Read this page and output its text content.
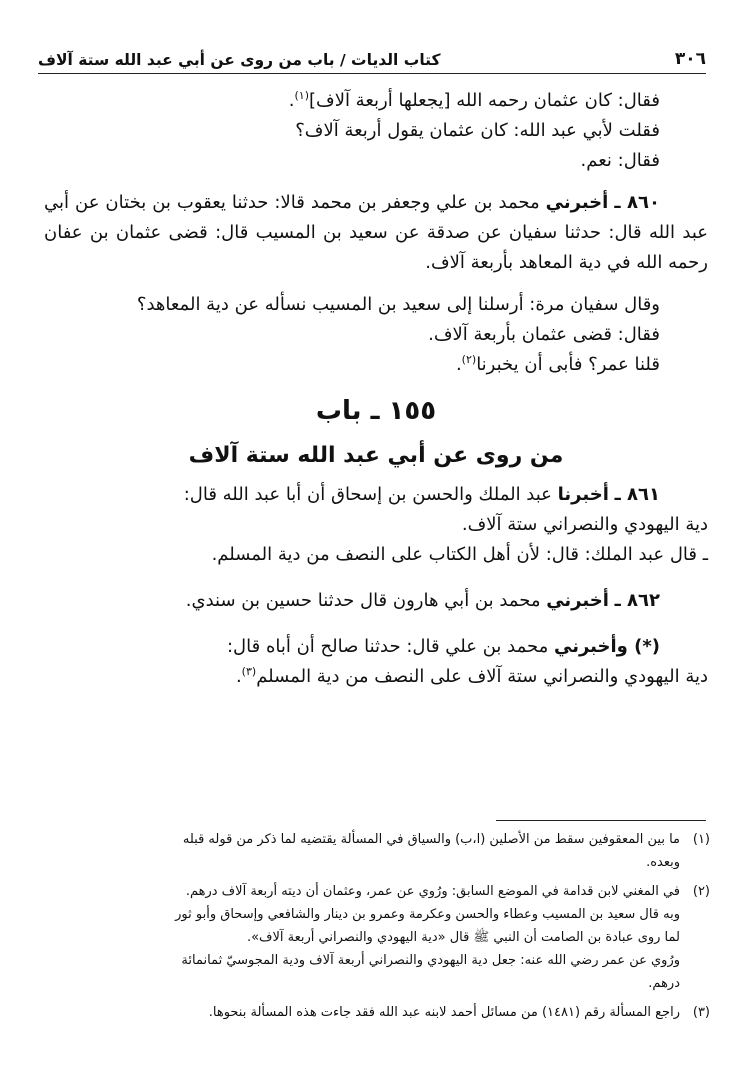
٣٠٦
كتاب الديات / باب من روى عن أبي عبد الله ستة آلاف

فقال: كان عثمان رحمه الله [يجعلها أربعة آلاف]$^{(١)}$.

فقلت لأبي عبد الله: كان عثمان يقول أربعة آلاف؟

فقال: نعم.

٨٦٠ ـ أخبرني محمد بن علي وجعفر بن محمد قالا: حدثنا يعقوب بن بختان عن أبي عبد الله قال: حدثنا سفيان عن صدقة عن سعيد بن المسيب قال: قضى عثمان بن عفان رحمه الله في دية المعاهد بأربعة آلاف.

وقال سفيان مرة: أرسلنا إلى سعيد بن المسيب نسأله عن دية المعاهد؟

فقال: قضى عثمان بأربعة آلاف.

قلنا عمر؟ فأبى أن يخبرنا$^{(٢)}$.

١٥٥ ـ باب
من روى عن أبي عبد الله ستة آلاف

٨٦١ ـ أخبرنا عبد الملك والحسن بن إسحاق أن أبا عبد الله قال:

دية اليهودي والنصراني ستة آلاف.

ـ قال عبد الملك: قال: لأن أهل الكتاب على النصف من دية المسلم.

٨٦٢ ـ أخبرني محمد بن أبي هارون قال حدثنا حسين بن سندي.

(*) وأخبرني محمد بن علي قال: حدثنا صالح أن أباه قال:

دية اليهودي والنصراني ستة آلاف على النصف من دية المسلم$^{(٣)}$.

(١)
ما بين المعقوفين سقط من الأصلين (ا،ب) والسياق في المسألة يقتضيه لما ذكر من قوله قبله
وبعده.
(٢)
في المغني لابن قدامة في الموضع السابق: ورُوي عن عمر، وعثمان أن ديته أربعة آلاف درهم.
وبه قال سعيد بن المسيب وعطاء والحسن وعكرمة وعمرو بن دينار والشافعي وإسحاق وأبو ثور
لما روى عبادة بن الصامت أن النبي ﷺ قال «دية اليهودي والنصراني أربعة آلاف».
ورُوي عن عمر رضي الله عنه: جعل دية اليهودي والنصراني أربعة آلاف ودية المجوسيّ ثمانمائة
درهم.
(٣)
راجع المسألة رقم (١٤٨١) من مسائل أحمد لابنه عبد الله فقد جاءت هذه المسألة بنحوها.
